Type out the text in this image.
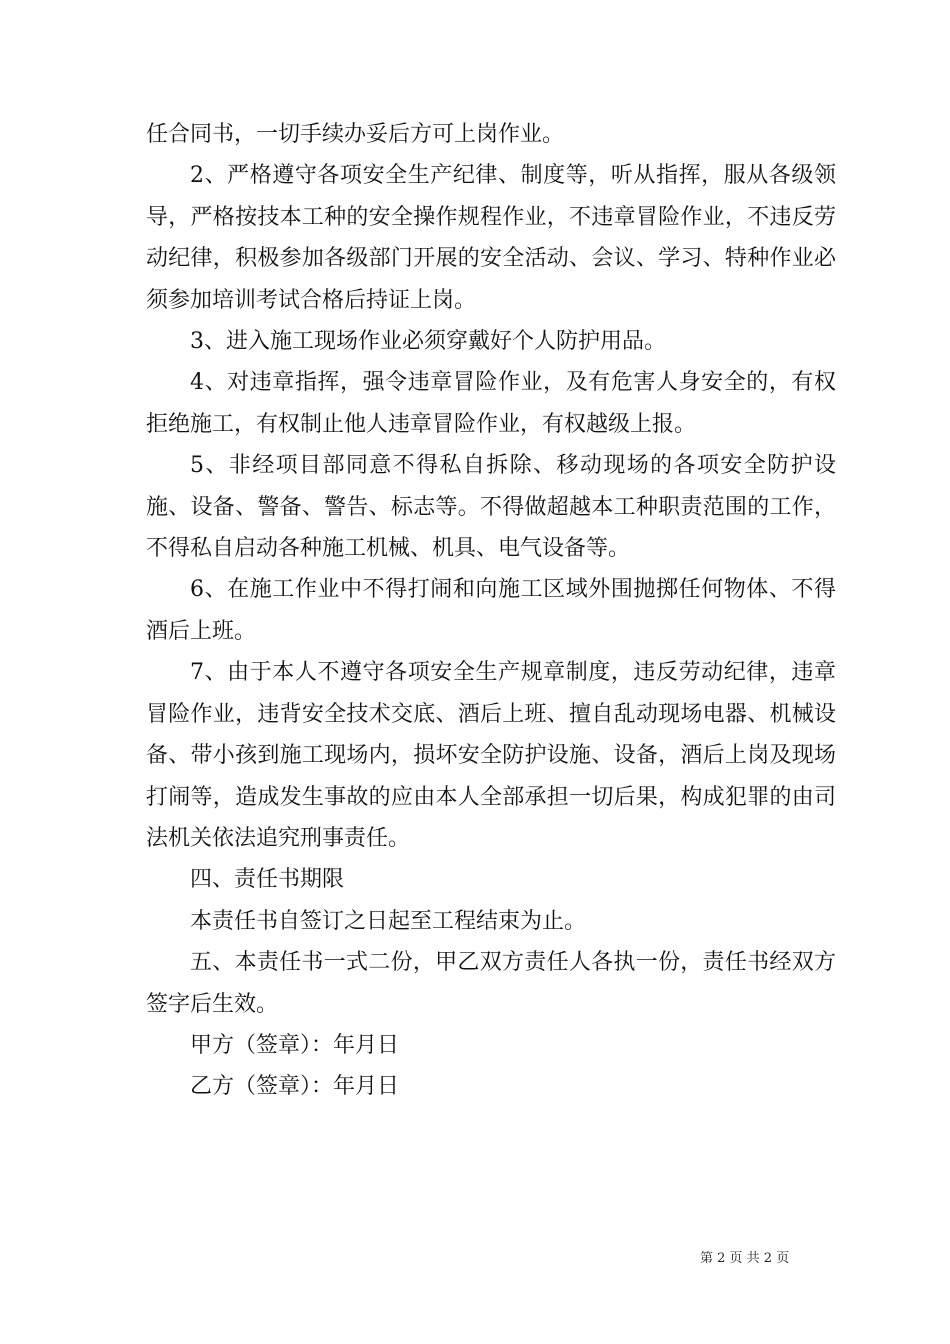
任合同书，一切手续办妥后方可上岗作业。

2、严格遵守各项安全生产纪律、制度等，听从指挥，服从各级领导，严格按技本工种的安全操作规程作业，不违章冒险作业，不违反劳动纪律，积极参加各级部门开展的安全活动、会议、学习、特种作业必须参加培训考试合格后持证上岗。

3、进入施工现场作业必须穿戴好个人防护用品。

4、对违章指挥，强令违章冒险作业，及有危害人身安全的，有权拒绝施工，有权制止他人违章冒险作业，有权越级上报。

5、非经项目部同意不得私自拆除、移动现场的各项安全防护设施、设备、警备、警告、标志等。不得做超越本工种职责范围的工作，不得私自启动各种施工机械、机具、电气设备等。

6、在施工作业中不得打闹和向施工区域外围抛掷任何物体、不得酒后上班。

7、由于本人不遵守各项安全生产规章制度，违反劳动纪律，违章冒险作业，违背安全技术交底、酒后上班、擅自乱动现场电器、机械设备、带小孩到施工现场内，损坏安全防护设施、设备，酒后上岗及现场打闹等，造成发生事故的应由本人全部承担一切后果，构成犯罪的由司法机关依法追究刑事责任。

四、责任书期限

本责任书自签订之日起至工程结束为止。

五、本责任书一式二份，甲乙双方责任人各执一份，责任书经双方签字后生效。

甲方（签章）：年月日

乙方（签章）：年月日

第 2 页 共 2 页
